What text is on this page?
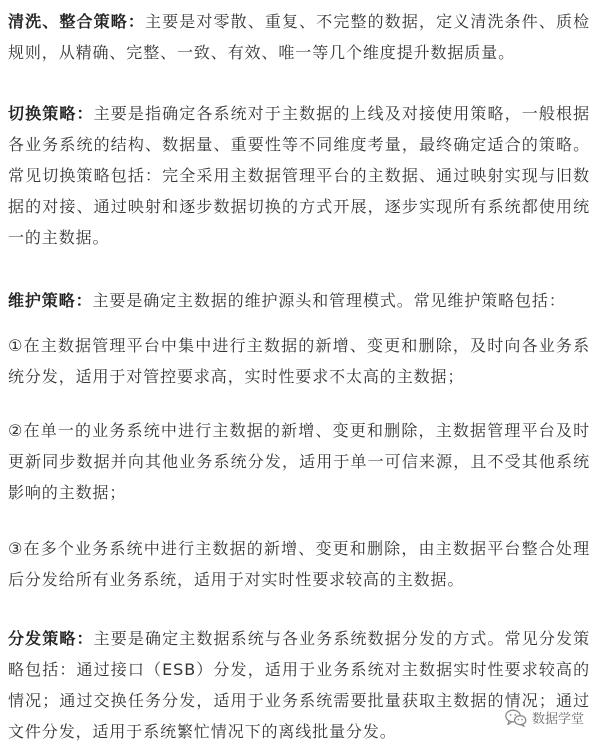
清洗、整合策略：主要是对零散、重复、不完整的数据，定义清洗条件、质检规则，从精确、完整、一致、有效、唯一等几个维度提升数据质量。

切换策略：主要是指确定各系统对于主数据的上线及对接使用策略，一般根据各业务系统的结构、数据量、重要性等不同维度考量，最终确定适合的策略。常见切换策略包括：完全采用主数据管理平台的主数据、通过映射实现与旧数据的对接、通过映射和逐步数据切换的方式开展，逐步实现所有系统都使用统一的主数据。

维护策略：主要是确定主数据的维护源头和管理模式。常见维护策略包括：

①在主数据管理平台中集中进行主数据的新增、变更和删除，及时向各业务系统分发，适用于对管控要求高，实时性要求不太高的主数据；

②在单一的业务系统中进行主数据的新增、变更和删除，主数据管理平台及时更新同步数据并向其他业务系统分发，适用于单一可信来源，且不受其他系统影响的主数据；

③在多个业务系统中进行主数据的新增、变更和删除，由主数据平台整合处理后分发给所有业务系统，适用于对实时性要求较高的主数据。

分发策略：主要是确定主数据系统与各业务系统数据分发的方式。常见分发策略包括：通过接口（ESB）分发，适用于业务系统对主数据实时性要求较高的情况；通过交换任务分发，适用于业务系统需要批量获取主数据的情况；通过文件分发，适用于系统繁忙情况下的离线批量分发。

数据学堂
